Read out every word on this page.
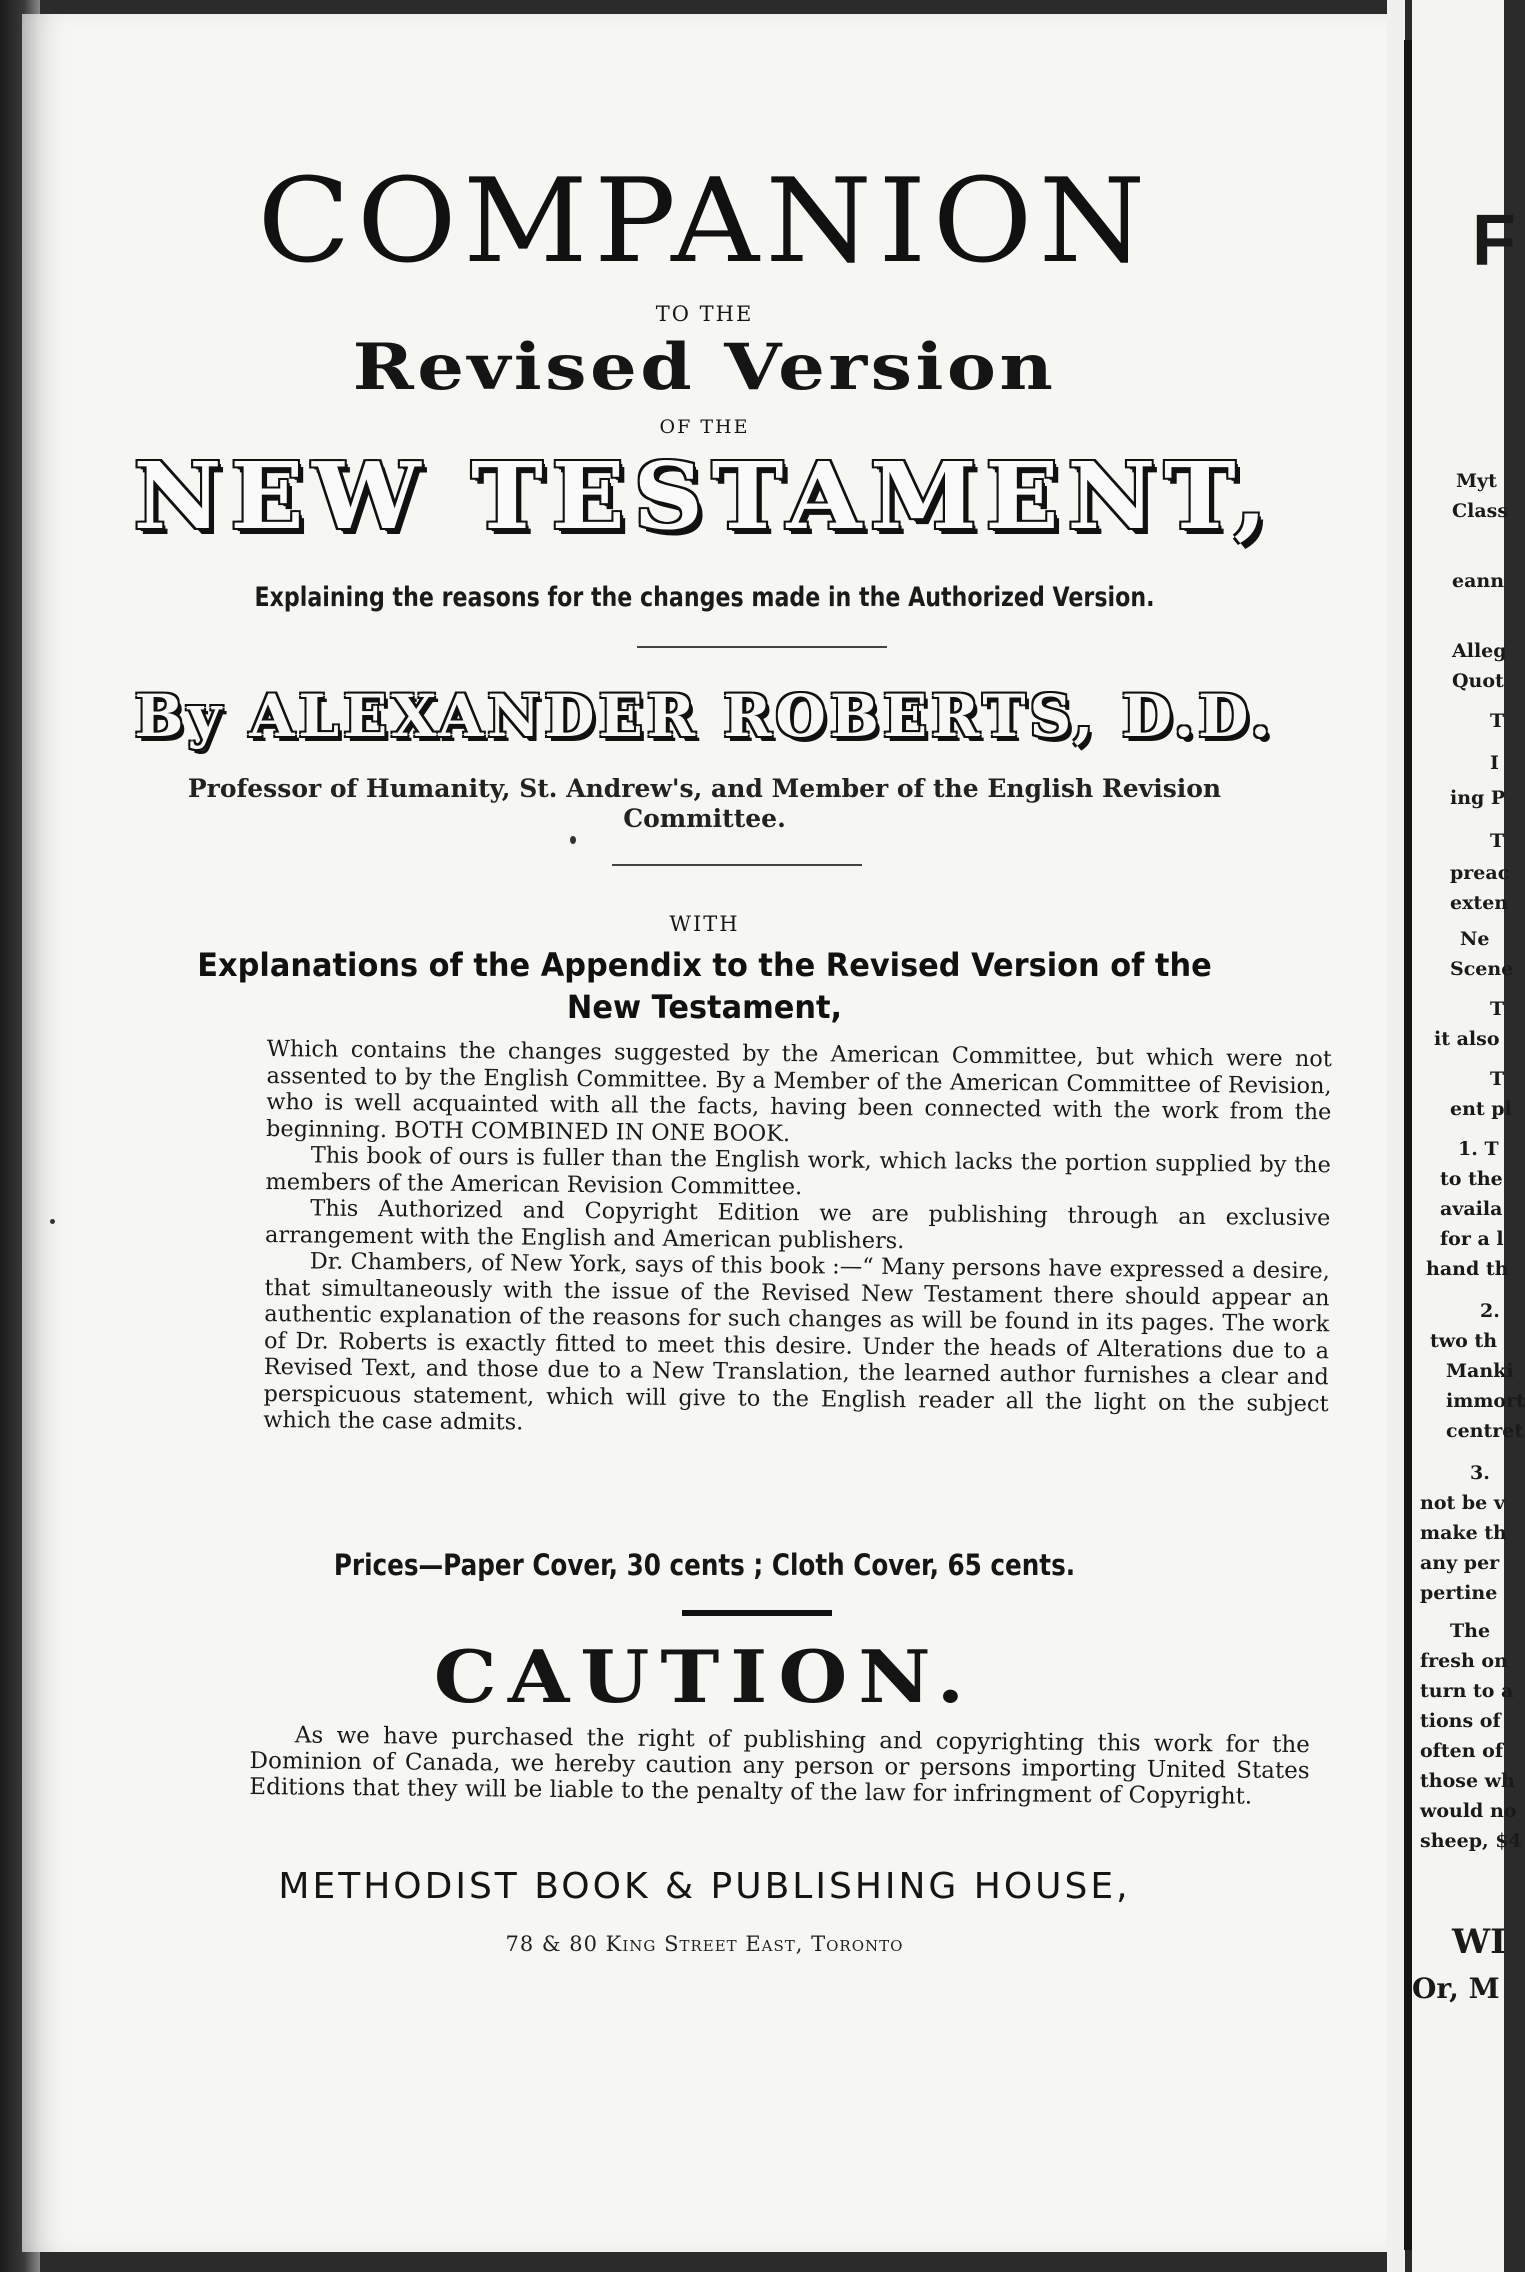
COMPANION
TO THE
Revised Version
OF THE
NEW TESTAMENT,
Explaining the reasons for the changes made in the Authorized Version.
By ALEXANDER ROBERTS, D.D.
Professor of Humanity, St. Andrew's, and Member of the English Revision
Committee.
WITH
Explanations of the Appendix to the Revised Version of the
New Testament,

Which contains the changes suggested by the American Committee, but which were not assented to by the English Committee. By a Member of the American Committee of Revision, who is well acquainted with all the facts, having been connected with the work from the beginning. BOTH COMBINED IN ONE BOOK.

This book of ours is fuller than the English work, which lacks the portion supplied by the members of the American Revision Committee.

This Authorized and Copyright Edition we are publishing through an exclusive arrangement with the English and American publishers.

Dr. Chambers, of New York, says of this book :—“ Many persons have expressed a desire, that simultaneously with the issue of the Revised New Testament there should appear an authentic explanation of the reasons for such changes as will be found in its pages. The work of Dr. Roberts is exactly fitted to meet this desire. Under the heads of Alterations due to a Revised Text, and those due to a New Translation, the learned author furnishes a clear and perspicuous statement, which will give to the English reader all the light on the subject which the case admits.

Prices—Paper Cover, 30 cents ; Cloth Cover, 65 cents.
CAUTION.

As we have purchased the right of publishing and copyrighting this work for the Dominion of Canada, we hereby caution any person or persons importing United States Editions that they will be liable to the penalty of the law for infringment of Copyright.

METHODIST BOOK & PUBLISHING HOUSE,
78 & 80 King Street East, Toronto
F
Myt
Class
eann
Alleg
Quot
T
I
ing P
T
preac
exten
Ne
Scene
T
it also
T
ent pl
1. T
to the
availa
for a l
hand th
2.
two th
Manki
immort
centret
3.
not be v
make th
any per
pertine
The
fresh on
turn to a
tions of
often of
those wh
would no
sheep, $4
WI
Or, M
